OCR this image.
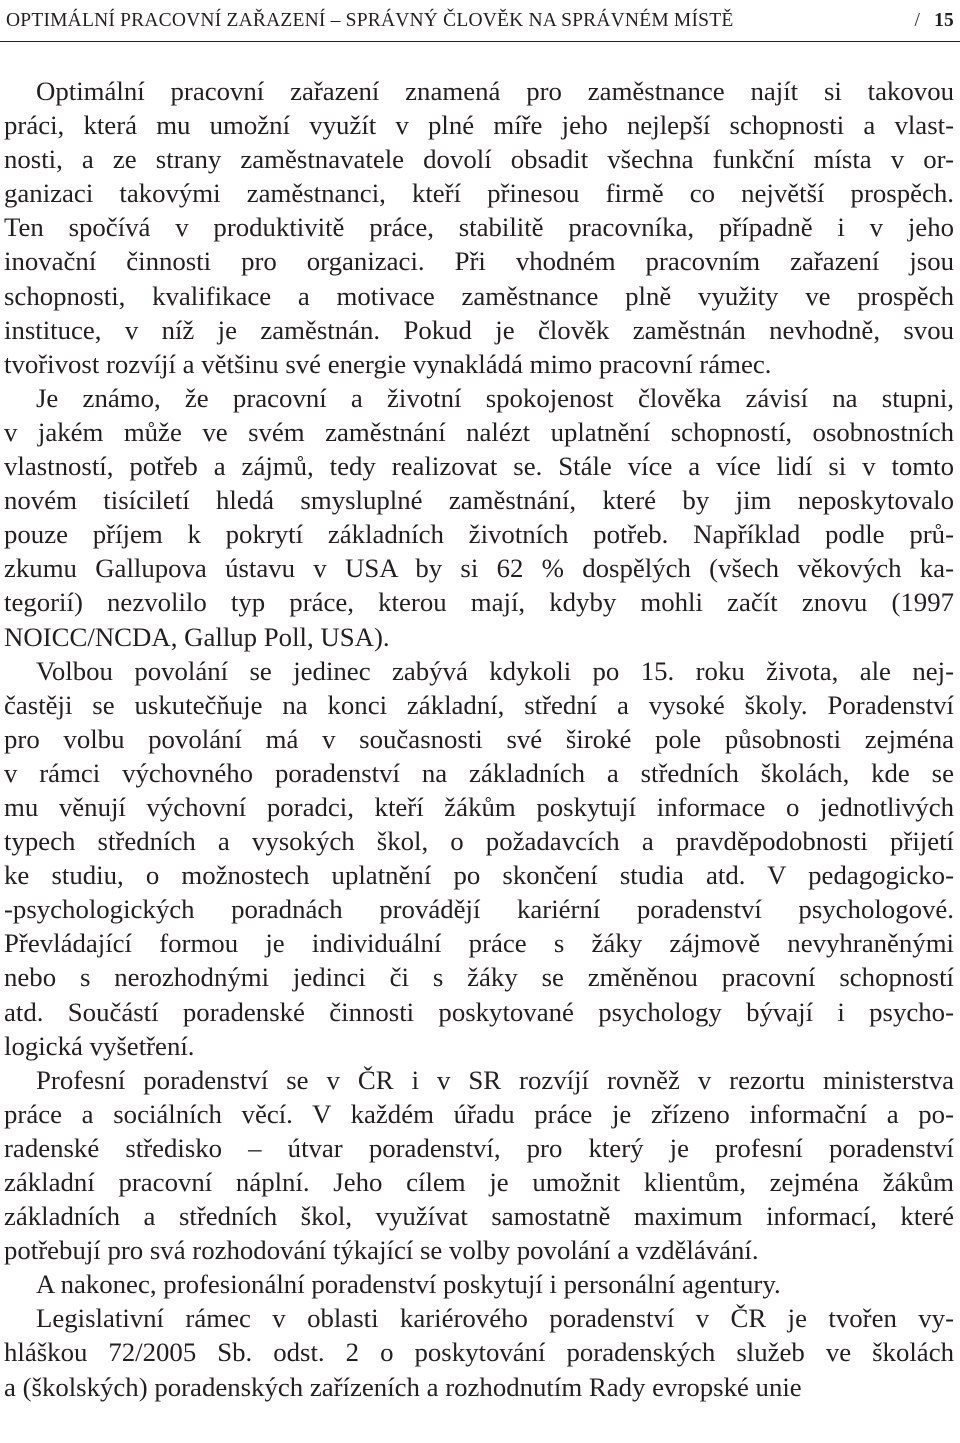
OPTIMÁLNÍ PRACOVNÍ ZAŘAZENÍ – SPRÁVNÝ ČLOVĚK NA SPRÁVNÉM MÍSTĚ	/ 15
Optimální pracovní zařazení znamená pro zaměstnance najít si takovou
práci, která mu umožní využít v plné míře jeho nejlepší schopnosti a vlast-
nosti, a ze strany zaměstnavatele dovolí obsadit všechna funkční místa v or-
ganizaci takovými zaměstnanci, kteří přinesou firmě co největší prospěch.
Ten spočívá v produktivitě práce, stabilitě pracovníka, případně i v jeho
inovační činnosti pro organizaci. Při vhodném pracovním zařazení jsou
schopnosti, kvalifikace a motivace zaměstnance plně využity ve prospěch
instituce, v níž je zaměstnán. Pokud je člověk zaměstnán nevhodně, svou
tvořivost rozvíjí a většinu své energie vynakládá mimo pracovní rámec.
Je známo, že pracovní a životní spokojenost člověka závisí na stupni,
v jakém může ve svém zaměstnání nalézt uplatnění schopností, osobnostních
vlastností, potřeb a zájmů, tedy realizovat se. Stále více a více lidí si v tomto
novém tisíciletí hledá smysluplné zaměstnání, které by jim neposkytovalo
pouze příjem k pokrytí základních životních potřeb. Například podle prů-
zkumu Gallupova ústavu v USA by si 62 % dospělých (všech věkových ka-
tegorií) nezvolilo typ práce, kterou mají, kdyby mohli začít znovu (1997
NOICC/NCDA, Gallup Poll, USA).
Volbou povolání se jedinec zabývá kdykoli po 15. roku života, ale nej-
častěji se uskutečňuje na konci základní, střední a vysoké školy. Poradenství
pro volbu povolání má v současnosti své široké pole působnosti zejména
v rámci výchovného poradenství na základních a středních školách, kde se
mu věnují výchovní poradci, kteří žákům poskytují informace o jednotlivých
typech středních a vysokých škol, o požadavcích a pravděpodobnosti přijetí
ke studiu, o možnostech uplatnění po skončení studia atd. V pedagogicko-
-psychologických poradnách provádějí kariérní poradenství psychologové.
Převládající formou je individuální práce s žáky zájmově nevyhraněnými
nebo s nerozhodnými jedinci či s žáky se změněnou pracovní schopností
atd. Součástí poradenské činnosti poskytované psychology bývají i psycho-
logická vyšetření.
Profesní poradenství se v ČR i v SR rozvíjí rovněž v rezortu ministerstva
práce a sociálních věcí. V každém úřadu práce je zřízeno informační a po-
radenské středisko – útvar poradenství, pro který je profesní poradenství
základní pracovní náplní. Jeho cílem je umožnit klientům, zejména žákům
základních a středních škol, využívat samostatně maximum informací, které
potřebují pro svá rozhodování týkající se volby povolání a vzdělávání.
A nakonec, profesionální poradenství poskytují i personální agentury.
Legislativní rámec v oblasti kariérového poradenství v ČR je tvořen vy-
hláškou 72/2005 Sb. odst. 2 o poskytování poradenských služeb ve školách
a (školských) poradenských zařízeních a rozhodnutím Rady evropské unie
